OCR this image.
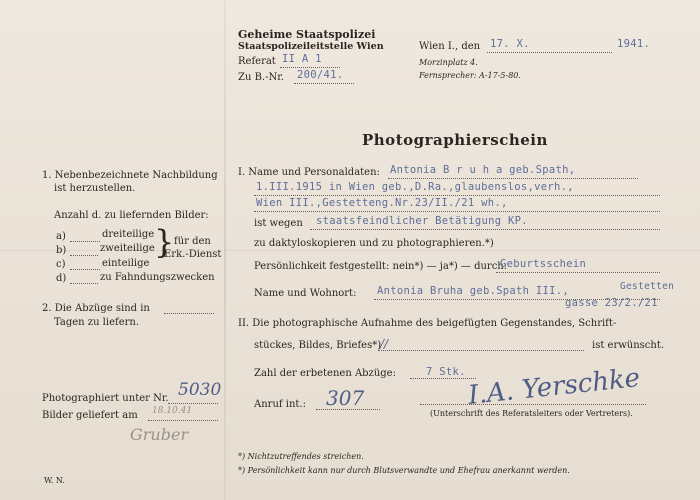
Geheime Staatspolizei
Staatspolizeileitstelle Wien
Referat II A 1
Zu B.-Nr. 200/41.
Wien I., den 17. X.	1941.
Morzinplatz 4.
Fernsprecher: A-17-5-80.
Photographierschein
1. Nebenbezeichnete Nachbildung
ist herzustellen.
Anzahl d. zu liefernden Bilder:
a)	dreiteilige
b)	zweiteilige
c)	einteilige
} für den
Erk.-Dienst
d)	zu Fahndungszwecken
2. Die Abzüge sind in
Tagen zu liefern.
Photographiert unter Nr. 5030
Bilder geliefert am 18.10.41
Gruber
W. N.
I. Name und Personaldaten: Antonia B r u h a geb.Spath,
1.III.1915 in Wien geb.,D.Ra.,glaubenslos,verh.,
Wien III.,Gestetteng.Nr.23/II./21 wh.,
ist wegen staatsfeindlicher Betätigung KP.
zu daktyloskopieren und zu photographieren.*)
Persönlichkeit festgestellt: nein*) — ja*) — durch:
Geburtsschein
Name und Wohnort: Antonia Bruha geb.Spath III.,	Gestetten
gasse 23/2./21
II. Die photographische Aufnahme des beigefügten Gegenstandes, Schrift-
stückes, Bildes, Briefes*)
//	ist erwünscht.
Zahl der erbetenen Abzüge:	7 Stk.
Anruf int.: 307	I.A. Yerschke
(Unterschrift des Referatsleiters oder Vertreters).
*) Nichtzutreffendes streichen.
*) Persönlichkeit kann nur durch Blutsverwandte und Ehefrau anerkannt werden.
